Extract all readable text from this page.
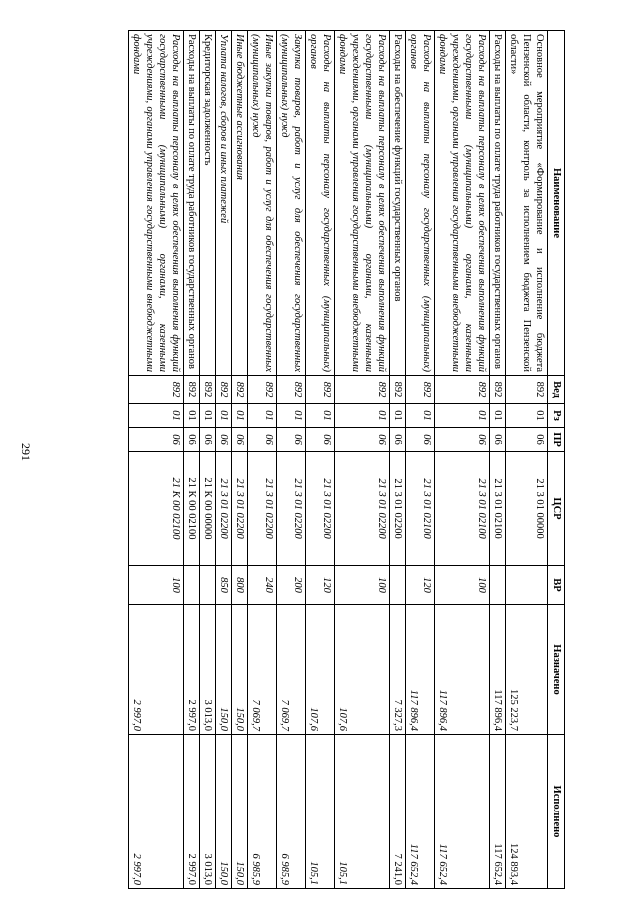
291
Наименование	Вед	Рз	ПР	ЦСР	ВР	Назначено	Исполнено
Основное мероприятие «Формирование и исполнение бюджета Пензенской области, контроль за исполнением бюджета Пензенской области»	892	01	06	21 3 01 00000		125 223,7	124 893,4
Расходы на выплаты по оплате труда работников государственных органов	892	01	06	21 3 01 02100		117 896,4	117 652,4
Расходы на выплаты персоналу в целях обеспечения выполнения функций государственными (муниципальными) органами, казенными учреждениями, органами управления государственными внебюджетными фондами	892	01	06	21 3 01 02100	100	117 896,4	117 652,4
Расходы на выплаты персоналу государственных (муниципальных) органов	892	01	06	21 3 01 02100	120	117 896,4	117 652,4
Расходы на обеспечение функций государственных органов	892	01	06	21 3 01 02200		7 327,3	7 241,0
Расходы на выплаты персоналу в целях обеспечения выполнения функций государственными (муниципальными) органами, казенными учреждениями, органами управления государственными внебюджетными фондами	892	01	06	21 3 01 02200	100	107,6	105,1
Расходы на выплаты персоналу государственных (муниципальных) органов	892	01	06	21 3 01 02200	120	107,6	105,1
Закупка товаров, работ и услуг для обеспечения государственных (муниципальных) нужд	892	01	06	21 3 01 02200	200	7 069,7	6 985,9
Иные закупки товаров, работ и услуг для обеспечения государственных (муниципальных) нужд	892	01	06	21 3 01 02200	240	7 069,7	6 985,9
Иные бюджетные ассигнования	892	01	06	21 3 01 02200	800	150,0	150,0
Уплата налогов, сборов и иных платежей	892	01	06	21 3 01 02200	850	150,0	150,0
Кредиторская задолженность	892	01	06	21 К 00 00000		3 013,0	3 013,0
Расходы на выплаты по оплате труда работников государственных органов	892	01	06	21 К 00 02100		2 997,0	2 997,0
Расходы на выплаты персоналу в целях обеспечения выполнения функций государственными (муниципальными) органами, казенными учреждениями, органами управления государственными внебюджетными фондами	892	01	06	21 К 00 02100	100	2 997,0	2 997,0
